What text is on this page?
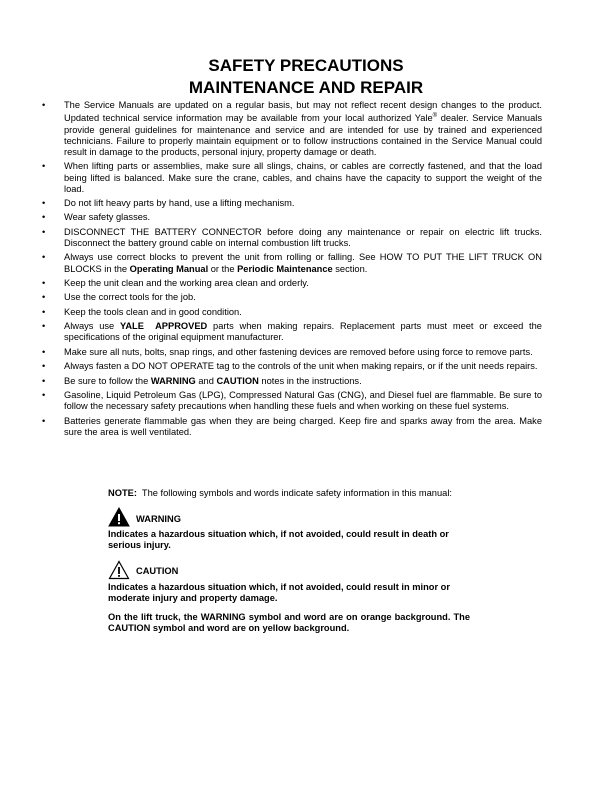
SAFETY PRECAUTIONS
MAINTENANCE AND REPAIR
• The Service Manuals are updated on a regular basis, but may not reflect recent design changes to the product. Updated technical service information may be available from your local authorized Yale® dealer. Service Manuals provide general guidelines for maintenance and service and are intended for use by trained and experienced technicians. Failure to properly maintain equipment or to follow instructions contained in the Service Manual could result in damage to the products, personal injury, property damage or death.
• When lifting parts or assemblies, make sure all slings, chains, or cables are correctly fastened, and that the load being lifted is balanced. Make sure the crane, cables, and chains have the capacity to support the weight of the load.
• Do not lift heavy parts by hand, use a lifting mechanism.
• Wear safety glasses.
• DISCONNECT THE BATTERY CONNECTOR before doing any maintenance or repair on electric lift trucks. Disconnect the battery ground cable on internal combustion lift trucks.
• Always use correct blocks to prevent the unit from rolling or falling. See HOW TO PUT THE LIFT TRUCK ON BLOCKS in the Operating Manual or the Periodic Maintenance section.
• Keep the unit clean and the working area clean and orderly.
• Use the correct tools for the job.
• Keep the tools clean and in good condition.
• Always use YALE  APPROVED parts when making repairs. Replacement parts must meet or exceed the specifications of the original equipment manufacturer.
• Make sure all nuts, bolts, snap rings, and other fastening devices are removed before using force to remove parts.
• Always fasten a DO NOT OPERATE tag to the controls of the unit when making repairs, or if the unit needs repairs.
• Be sure to follow the WARNING and CAUTION notes in the instructions.
• Gasoline, Liquid Petroleum Gas (LPG), Compressed Natural Gas (CNG), and Diesel fuel are flammable. Be sure to follow the necessary safety precautions when handling these fuels and when working on these fuel systems.
• Batteries generate flammable gas when they are being charged. Keep fire and sparks away from the area. Make sure the area is well ventilated.

NOTE:  The following symbols and words indicate safety information in this manual:

WARNING

Indicates a hazardous situation which, if not avoided, could result in death or serious injury.

CAUTION

Indicates a hazardous situation which, if not avoided, could result in minor or moderate injury and property damage.

On the lift truck, the WARNING symbol and word are on orange background. The CAUTION symbol and word are on yellow background.
